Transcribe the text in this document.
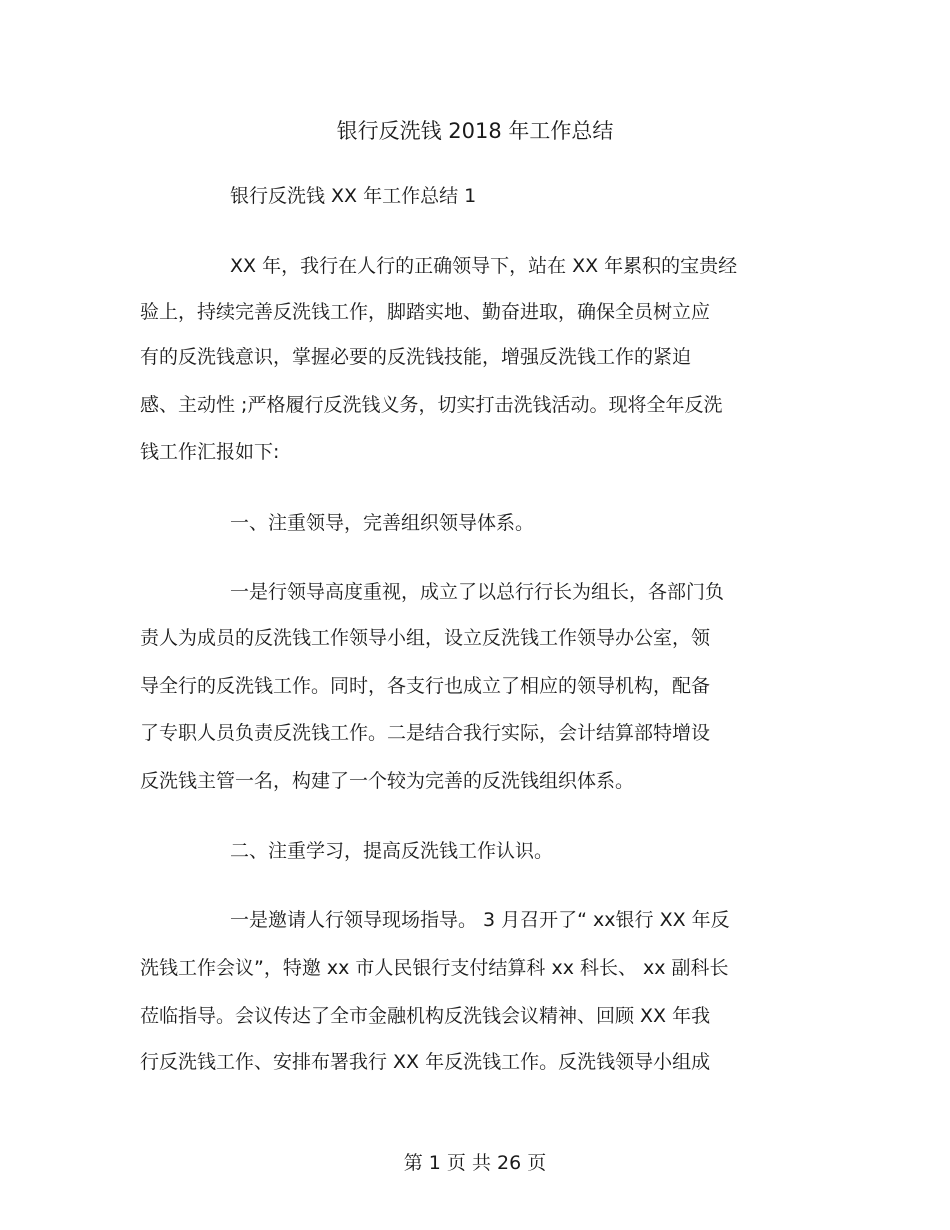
银行反洗钱 2018 年工作总结
银行反洗钱 XX 年工作总结 1
XX 年，我行在人行的正确领导下，站在 XX 年累积的宝贵经
验上，持续完善反洗钱工作，脚踏实地、勤奋进取，确保全员树立应
有的反洗钱意识，掌握必要的反洗钱技能，增强反洗钱工作的紧迫
感、主动性 ;严格履行反洗钱义务，切实打击洗钱活动。现将全年反洗
钱工作汇报如下:
一、注重领导，完善组织领导体系。
一是行领导高度重视，成立了以总行行长为组长，各部门负
责人为成员的反洗钱工作领导小组，设立反洗钱工作领导办公室，领
导全行的反洗钱工作。同时，各支行也成立了相应的领导机构，配备
了专职人员负责反洗钱工作。二是结合我行实际，会计结算部特增设
反洗钱主管一名，构建了一个较为完善的反洗钱组织体系。
二、注重学习，提高反洗钱工作认识。
一是邀请人行领导现场指导。 3 月召开了“ xx银行 XX 年反
洗钱工作会议”，特邀 xx 市人民银行支付结算科 xx 科长、 xx 副科长
莅临指导。会议传达了全市金融机构反洗钱会议精神、回顾 XX 年我
行反洗钱工作、安排布署我行 XX 年反洗钱工作。反洗钱领导小组成
第 1 页 共 26 页
